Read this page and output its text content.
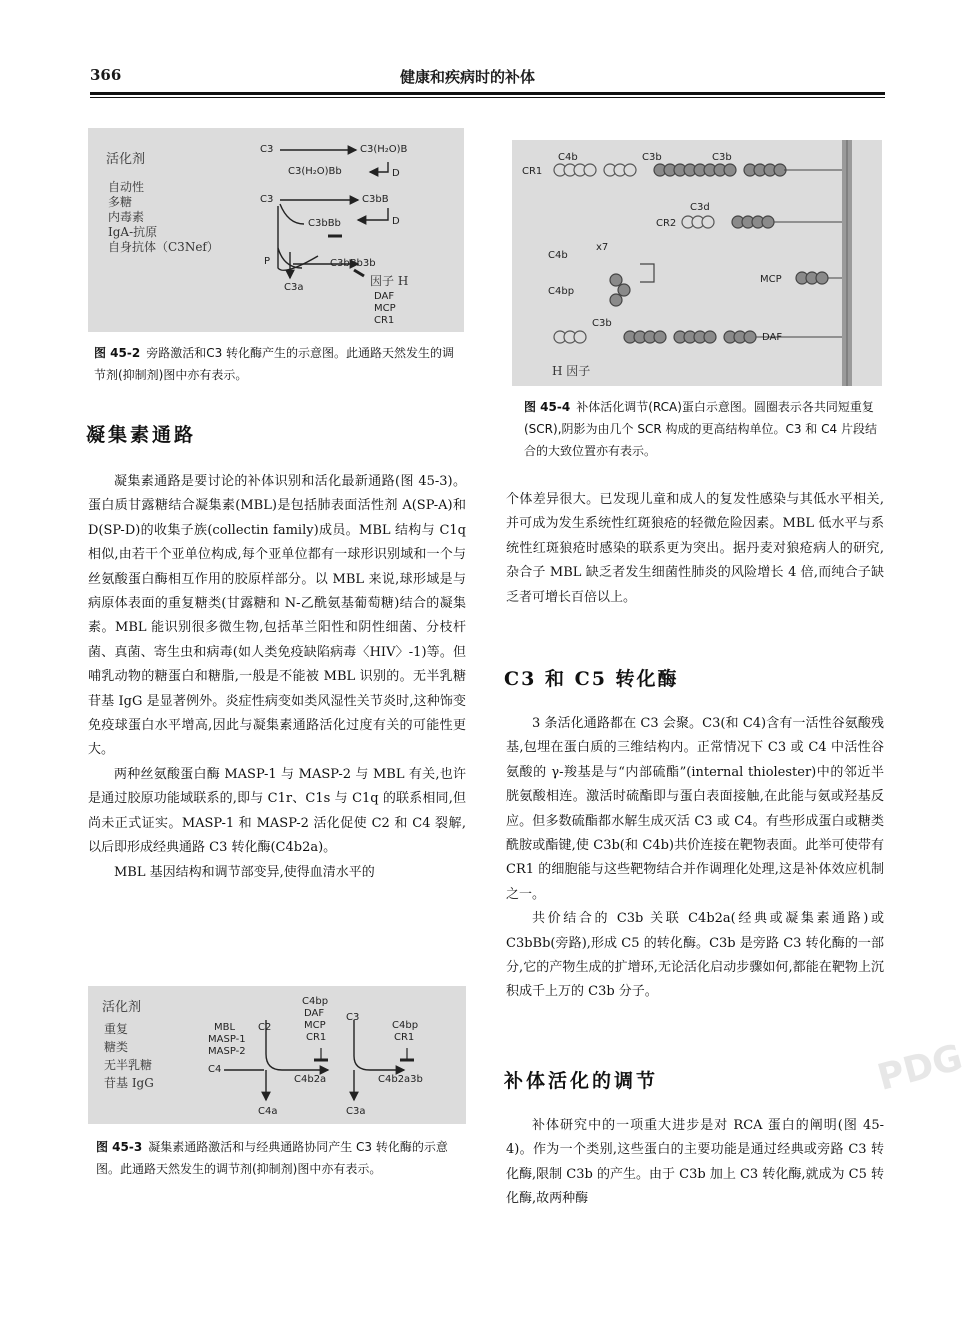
366	健康和疾病时的补体
活化剂
自动性
多糖
内毒素
IgA-抗原
自身抗体（C3Nef）
C3	C3(H₂O)B
C3(H₂O)Bb	D
C3	C3bB
C3bBb	D
P	C3bBb3b
C3a	因子 H
DAF
MCP
CR1
图 45-2 旁路激活和C3 转化酶产生的示意图。此通路天然发生的调节剂(抑制剂)图中亦有表示。
C4b	C3b	C3b
CR1
C3d
CR2
C4b
x7
C4bp
MCP
C3b
DAF
H 因子
图 45-4 补体活化调节(RCA)蛋白示意图。圆圈表示各共同短重复(SCR),阴影为由几个 SCR 构成的更高结构单位。C3 和 C4 片段结合的大致位置亦有表示。
凝集素通路

凝集素通路是要讨论的补体识别和活化最新通路(图 45-3)。蛋白质甘露糖结合凝集素(MBL)是包括肺表面活性剂 A(SP-A)和 D(SP-D)的收集子族(collectin family)成员。MBL 结构与 C1q 相似,由若干个亚单位构成,每个亚单位都有一球形识别域和一个与丝氨酸蛋白酶相互作用的胶原样部分。以 MBL 来说,球形域是与病原体表面的重复糖类(甘露糖和 N-乙酰氨基葡萄糖)结合的凝集素。MBL 能识别很多微生物,包括革兰阳性和阴性细菌、分枝杆菌、真菌、寄生虫和病毒(如人类免疫缺陷病毒〈HIV〉-1)等。但哺乳动物的糖蛋白和糖脂,一般是不能被 MBL 识别的。无半乳糖苷基 IgG 是显著例外。炎症性病变如类风湿性关节炎时,这种饰变免疫球蛋白水平增高,因此与凝集素通路活化过度有关的可能性更大。

两种丝氨酸蛋白酶 MASP-1 与 MASP-2 与 MBL 有关,也许是通过胶原功能域联系的,即与 C1r、C1s 与 C1q 的联系相同,但尚未正式证实。MASP-1 和 MASP-2 活化促使 C2 和 C4 裂解,以后即形成经典通路 C3 转化酶(C4b2a)。

MBL 基因结构和调节部变异,使得血清水平的

活化剂
重复
糖类
无半乳糖
苷基 IgG
MBL
MASP-1
MASP-2
C2
C4
C4bp
DAF
MCP
CR1
C3
C4bp
CR1
C4b2a	C4b2a3b
C4a	C3a
图 45-3 凝集素通路激活和与经典通路协同产生 C3 转化酶的示意图。此通路天然发生的调节剂(抑制剂)图中亦有表示。

个体差异很大。已发现儿童和成人的复发性感染与其低水平相关,并可成为发生系统性红斑狼疮的轻微危险因素。MBL 低水平与系统性红斑狼疮时感染的联系更为突出。据丹麦对狼疮病人的研究,杂合子 MBL 缺乏者发生细菌性肺炎的风险增长 4 倍,而纯合子缺乏者可增长百倍以上。

C3 和 C5 转化酶

3 条活化通路都在 C3 会聚。C3(和 C4)含有一活性谷氨酸残基,包埋在蛋白质的三维结构内。正常情况下 C3 或 C4 中活性谷氨酸的 γ-羧基是与“内部硫酯”(internal thiolester)中的邻近半胱氨酸相连。激活时硫酯即与蛋白表面接触,在此能与氨或羟基反应。但多数硫酯都水解生成灭活 C3 或 C4。有些形成蛋白或糖类酰胺或酯键,使 C3b(和 C4b)共价连接在靶物表面。此举可使带有 CR1 的细胞能与这些靶物结合并作调理化处理,这是补体效应机制之一。

共价结合的 C3b 关联 C4b2a(经典或凝集素通路)或 C3bBb(旁路),形成 C5 的转化酶。C3b 是旁路 C3 转化酶的一部分,它的产物生成的扩增环,无论活化启动步骤如何,都能在靶物上沉积成千上万的 C3b 分子。

补体活化的调节

补体研究中的一项重大进步是对 RCA 蛋白的阐明(图 45-4)。作为一个类别,这些蛋白的主要功能是通过经典或旁路 C3 转化酶,限制 C3b 的产生。由于 C3b 加上 C3 转化酶,就成为 C5 转化酶,故两种酶

PDG
